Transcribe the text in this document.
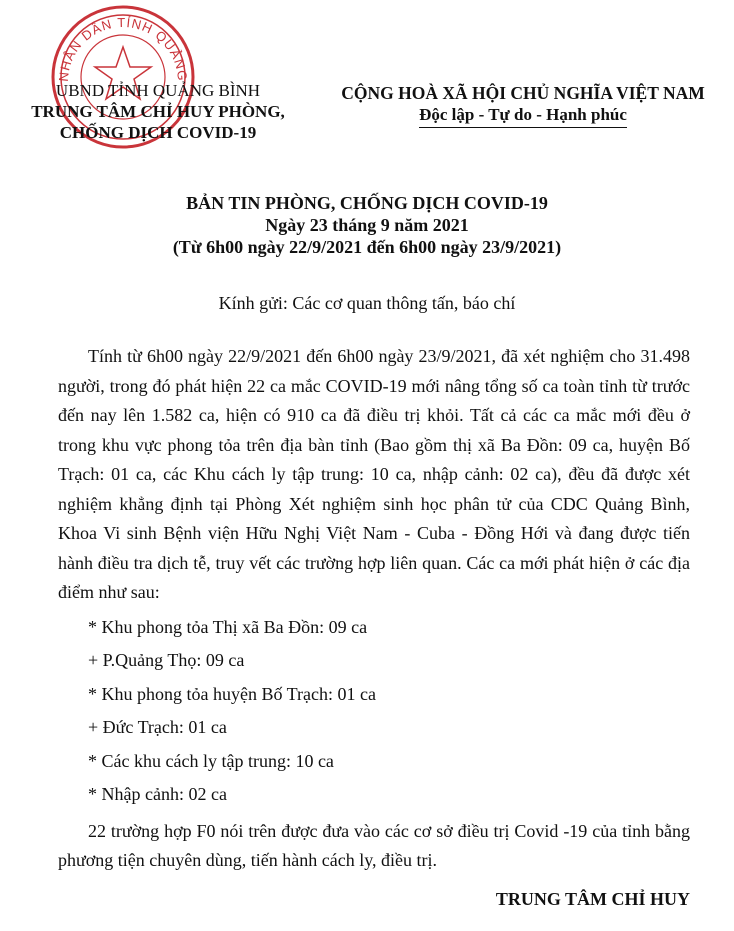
NHÂN DÂN TỈNH QUẢNG
UBND TỈNH QUẢNG BÌNH
TRUNG TÂM CHỈ HUY PHÒNG,
CHỐNG DỊCH COVID-19
CỘNG HOÀ XÃ HỘI CHỦ NGHĨA VIỆT NAM
Độc lập - Tự do - Hạnh phúc
BẢN TIN PHÒNG, CHỐNG DỊCH COVID-19
Ngày 23 tháng 9 năm 2021
(Từ 6h00 ngày 22/9/2021 đến 6h00 ngày 23/9/2021)
Kính gửi: Các cơ quan thông tấn, báo chí

Tính từ 6h00 ngày 22/9/2021 đến 6h00 ngày 23/9/2021, đã xét nghiệm cho 31.498 người, trong đó phát hiện 22 ca mắc COVID-19 mới nâng tổng số ca toàn tỉnh từ trước đến nay lên 1.582 ca, hiện có 910 ca đã điều trị khỏi. Tất cả các ca mắc mới đều ở trong khu vực phong tỏa trên địa bàn tỉnh (Bao gồm thị xã Ba Đồn: 09 ca, huyện Bố Trạch: 01 ca, các Khu cách ly tập trung: 10 ca, nhập cảnh: 02 ca), đều đã được xét nghiệm khẳng định tại Phòng Xét nghiệm sinh học phân tử của CDC Quảng Bình, Khoa Vi sinh Bệnh viện Hữu Nghị Việt Nam - Cuba - Đồng Hới và đang được tiến hành điều tra dịch tễ, truy vết các trường hợp liên quan. Các ca mới phát hiện ở các địa điểm như sau:

* Khu phong tỏa Thị xã Ba Đồn: 09 ca
+ P.Quảng Thọ: 09 ca
* Khu phong tỏa huyện Bố Trạch: 01 ca
+ Đức Trạch: 01 ca
* Các khu cách ly tập trung: 10 ca
* Nhập cảnh: 02 ca

22 trường hợp F0 nói trên được đưa vào các cơ sở điều trị Covid -19 của tỉnh bằng phương tiện chuyên dùng, tiến hành cách ly, điều trị.

TRUNG TÂM CHỈ HUY
